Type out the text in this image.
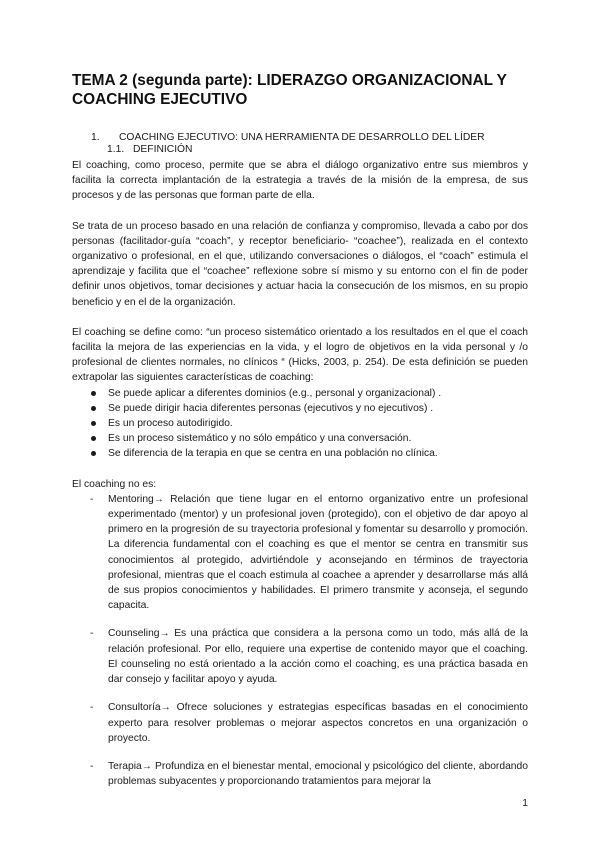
TEMA 2 (segunda parte): LIDERAZGO ORGANIZACIONAL Y COACHING EJECUTIVO
1. COACHING EJECUTIVO: UNA HERRAMIENTA DE DESARROLLO DEL LÍDER
1.1. DEFINICIÓN

El coaching, como proceso, permite que se abra el diálogo organizativo entre sus miembros y facilita la correcta implantación de la estrategia a través de la misión de la empresa, de sus procesos y de las personas que forman parte de ella.

Se trata de un proceso basado en una relación de confianza y compromiso, llevada a cabo por dos personas (facilitador-guía “coach”, y receptor beneficiario- “coachee”), realizada en el contexto organizativo o profesional, en el que, utilizando conversaciones o diálogos, el “coach” estimula el aprendizaje y facilita que el “coachee” reflexione sobre sí mismo y su entorno con el fin de poder definir unos objetivos, tomar decisiones y actuar hacia la consecución de los mismos, en su propio beneficio y en el de la organización.

El coaching se define como: “un proceso sistemático orientado a los resultados en el que el coach facilita la mejora de las experiencias en la vida, y el logro de objetivos en la vida personal y /o profesional de clientes normales, no clínicos “ (Hicks, 2003, p. 254). De esta definición se pueden extrapolar las siguientes características de coaching:

Se puede aplicar a diferentes dominios (e.g., personal y organizacional) .
Se puede dirigir hacia diferentes personas (ejecutivos y no ejecutivos) .
Es un proceso autodirigido.
Es un proceso sistemático y no sólo empático y una conversación.
Se diferencia de la terapia en que se centra en una población no clínica.

El coaching no es:

- Mentoring→ Relación que tiene lugar en el entorno organizativo entre un profesional experimentado (mentor) y un profesional joven (protegido), con el objetivo de dar apoyo al primero en la progresión de su trayectoria profesional y fomentar su desarrollo y promoción. La diferencia fundamental con el coaching es que el mentor se centra en transmitir sus conocimientos al protegido, advirtiéndole y aconsejando en términos de trayectoria profesional, mientras que el coach estimula al coachee a aprender y desarrollarse más allá de sus propios conocimientos y habilidades. El primero transmite y aconseja, el segundo capacita.
- Counseling→ Es una práctica que considera a la persona como un todo, más allá de la relación profesional. Por ello, requiere una expertise de contenido mayor que el coaching. El counseling no está orientado a la acción como el coaching, es una práctica basada en dar consejo y facilitar apoyo y ayuda.
- Consultoría→ Ofrece soluciones y estrategias específicas basadas en el conocimiento experto para resolver problemas o mejorar aspectos concretos en una organización o proyecto.
- Terapia→ Profundiza en el bienestar mental, emocional y psicológico del cliente, abordando problemas subyacentes y proporcionando tratamientos para mejorar la
1
